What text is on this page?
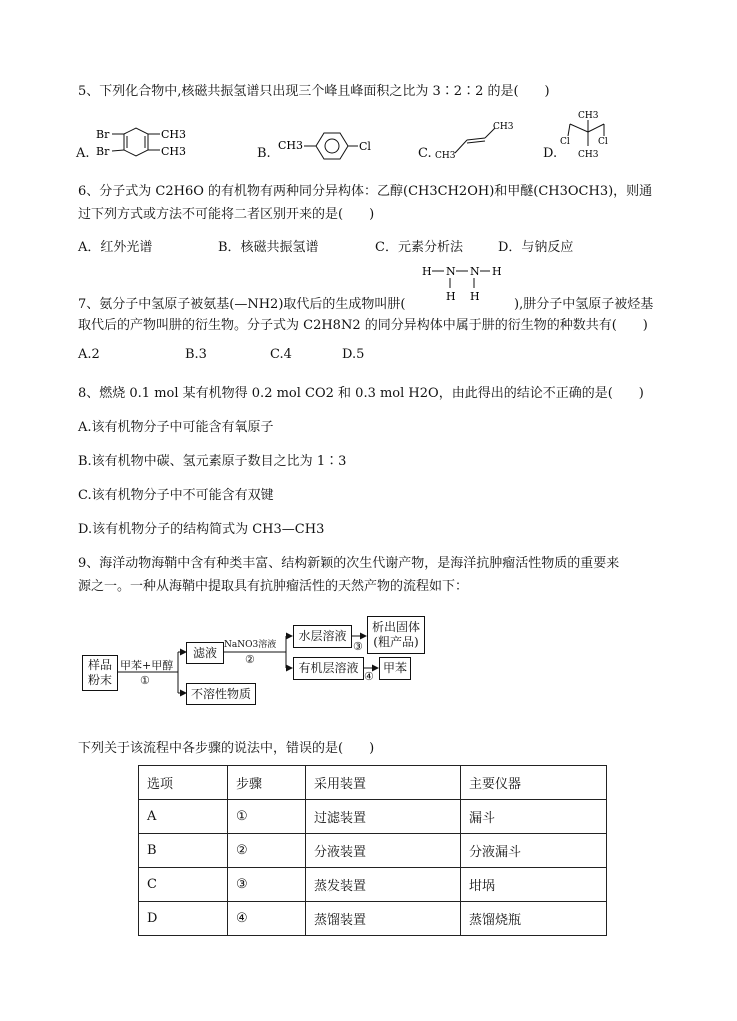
5、下列化合物中,核磁共振氢谱只出现三个峰且峰面积之比为 3∶2∶2 的是(　　)
A.
Br
Br
CH3
CH3	B.
CH3	Cl	C. CH3
CH3
D.
CH3
Cl	Cl
CH3
6、分子式为 C2H6O 的有机物有两种同分异构体：乙醇(CH3CH2OH)和甲醚(CH3OCH3)，则通
过下列方式或方法不可能将二者区别开来的是(　　)
A．红外光谱	B．核磁共振氢谱	C．元素分析法	D．与钠反应
H N N H
H H
7、氨分子中氢原子被氨基(—NH2)取代后的生成物叫肼(	),肼分子中氢原子被烃基
取代后的产物叫肼的衍生物。分子式为 C2H8N2 的同分异构体中属于肼的衍生物的种数共有(　　)
A.2	B.3	C.4	D.5
8、燃烧 0.1 mol 某有机物得 0.2 mol CO2 和 0.3 mol H2O，由此得出的结论不正确的是(　　)
A.该有机物分子中可能含有氧原子
B.该有机物中碳、氢元素原子数目之比为 1∶3
C.该有机物分子中不可能含有双键
D.该有机物分子的结构简式为 CH3—CH3
9、海洋动物海鞘中含有种类丰富、结构新颖的次生代谢产物，是海洋抗肿瘤活性物质的重要来
源之一。一种从海鞘中提取具有抗肿瘤活性的天然产物的流程如下：
样品
粉末
甲苯+甲醇
①
滤液
不溶性物质
NaNO3溶液
②
水层溶液
有机层溶液
③
④
析出固体
(粗产品)
甲苯
下列关于该流程中各步骤的说法中，错误的是(　　)
选项	步骤	采用装置	主要仪器
A	①	过滤装置	漏斗
B	②	分液装置	分液漏斗
C	③	蒸发装置	坩埚
D	④	蒸馏装置	蒸馏烧瓶
